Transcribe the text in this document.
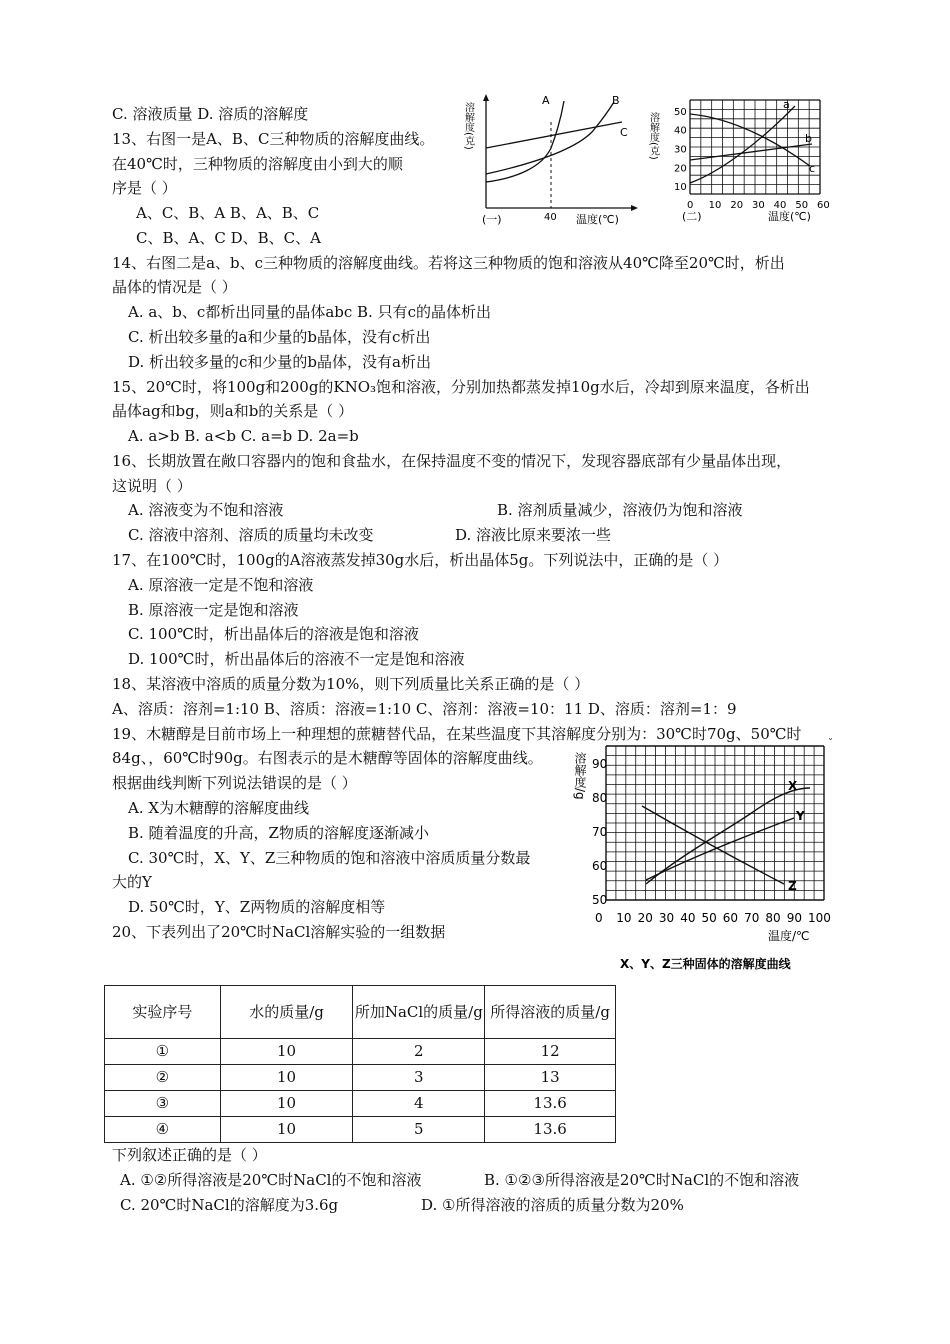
C. 溶液质量 D. 溶质的溶解度
13、右图一是A、B、C三种物质的溶解度曲线。
在40℃时，三种物质的溶解度由小到大的顺
序是（ ）
A、C、B、A B、A、B、C
C、B、A、C D、B、C、A
14、右图二是a、b、c三种物质的溶解度曲线。若将这三种物质的饱和溶液从40℃降至20℃时，析出
晶体的情况是（ ）
A. a、b、c都析出同量的晶体abc B. 只有c的晶体析出
C. 析出较多量的a和少量的b晶体，没有c析出
D. 析出较多量的c和少量的b晶体，没有a析出
15、20℃时，将100g和200g的KNO₃饱和溶液，分别加热都蒸发掉10g水后，冷却到原来温度，各析出
晶体ag和bg，则a和b的关系是（ ）
A. a>b B. a<b C. a=b D. 2a=b
16、长期放置在敞口容器内的饱和食盐水，在保持温度不变的情况下，发现容器底部有少量晶体出现，
这说明（ ）
A. 溶液变为不饱和溶液	B. 溶剂质量减少，溶液仍为饱和溶液
C. 溶液中溶剂、溶质的质量均未改变	D. 溶液比原来要浓一些
17、在100℃时，100g的A溶液蒸发掉30g水后，析出晶体5g。下列说法中，正确的是（ ）
A. 原溶液一定是不饱和溶液
B. 原溶液一定是饱和溶液
C. 100℃时，析出晶体后的溶液是饱和溶液
D. 100℃时，析出晶体后的溶液不一定是饱和溶液
18、某溶液中溶质的质量分数为10%，则下列质量比关系正确的是（ ）
A、溶质：溶剂=1:10 B、溶质：溶液=1:10 C、溶剂：溶液=10：11 D、溶质：溶剂=1：9
19、木糖醇是目前市场上一种理想的蔗糖替代品，在某些温度下其溶解度分别为：30℃时70g、50℃时
84g、，60℃时90g。右图表示的是木糖醇等固体的溶解度曲线。
根据曲线判断下列说法错误的是（ ）
A. X为木糖醇的溶解度曲线
B. 随着温度的升高，Z物质的溶解度逐渐减小
C. 30℃时，X、Y、Z三种物质的饱和溶液中溶质质量分数最
大的Y
D. 50℃时，Y、Z两物质的溶解度相等
20、下表列出了20℃时NaCl溶解实验的一组数据
实验序号	水的质量/g	所加NaCl的质量/g	所得溶液的质量/g
①	10	2	12
②	10	3	13
③	10	4	13.6
④	10	5	13.6
下列叙述正确的是（ ）
A. ①②所得溶液是20℃时NaCl的不饱和溶液	B. ①②③所得溶液是20℃时NaCl的不饱和溶液
C. 20℃时NaCl的溶解度为3.6g	D. ①所得溶液的溶质的质量分数为20%
A	B
C
溶解度(克)
40
(一)	温度(℃)
a
b
c
溶解度(克) 50
40
30
20
10
0 10 20 30 40 50 60
(二)	温度(℃)
˘
X
Y
Z
溶解度/g 90
80
70
60
50
0 10 20 30 40 50 60 70 80 90 100
温度/℃
X、Y、Z三种固体的溶解度曲线
